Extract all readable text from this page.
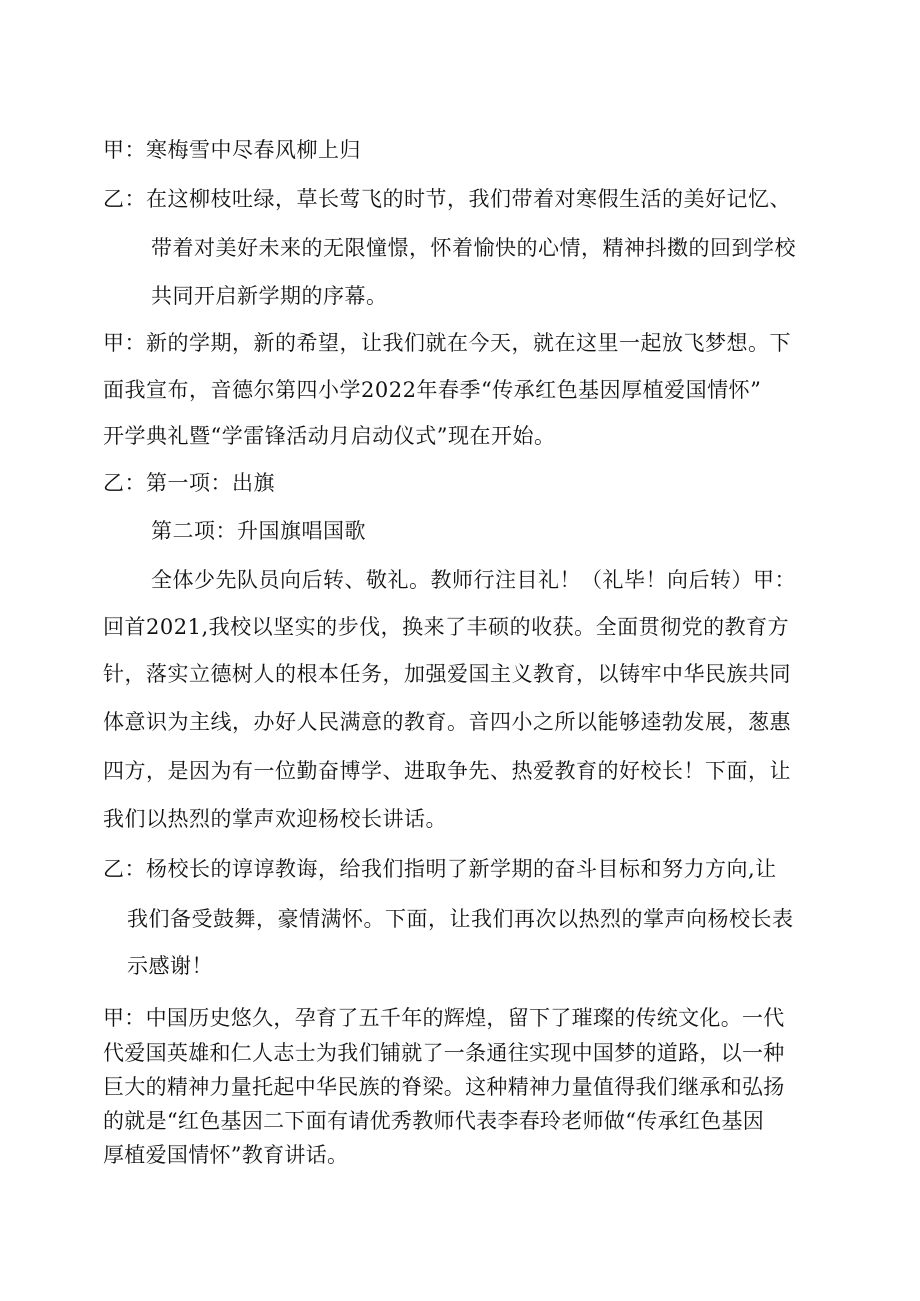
甲：寒梅雪中尽春风柳上归
乙：在这柳枝吐绿，草长莺飞的时节，我们带着对寒假生活的美好记忆、
带着对美好未来的无限憧憬，怀着愉快的心情，精神抖擞的回到学校
共同开启新学期的序幕。
甲：新的学期，新的希望，让我们就在今天，就在这里一起放飞梦想。下
面我宣布，音德尔第四小学2022年春季“传承红色基因厚植爱国情怀”
开学典礼暨“学雷锋活动月启动仪式”现在开始。
乙：第一项：出旗
第二项：升国旗唱国歌
全体少先队员向后转、敬礼。教师行注目礼！（礼毕！向后转）甲：
回首2021,我校以坚实的步伐，换来了丰硕的收获。全面贯彻党的教育方
针，落实立德树人的根本任务，加强爱国主义教育，以铸牢中华民族共同
体意识为主线，办好人民满意的教育。音四小之所以能够逵勃发展，葱惠
四方，是因为有一位勤奋博学、进取争先、热爱教育的好校长！下面，让
我们以热烈的掌声欢迎杨校长讲话。
乙：杨校长的谆谆教诲，给我们指明了新学期的奋斗目标和努力方向,让
我们备受鼓舞，豪情满怀。下面，让我们再次以热烈的掌声向杨校长表
示感谢！
甲：中国历史悠久，孕育了五千年的辉煌，留下了璀璨的传统文化。一代
代爱国英雄和仁人志士为我们铺就了一条通往实现中国梦的道路，以一种
巨大的精神力量托起中华民族的脊梁。这种精神力量值得我们继承和弘扬
的就是“红色基因二下面有请优秀教师代表李春玲老师做“传承红色基因
厚植爱国情怀”教育讲话。
